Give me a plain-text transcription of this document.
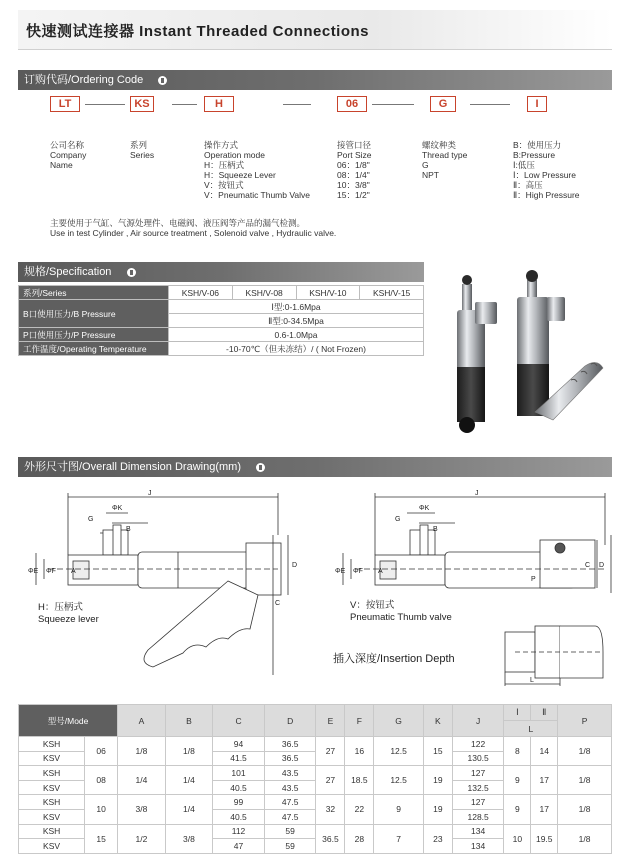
快速测试连接器 Instant Threaded Connections
订购代码/Ordering Code
LT	KS	H	06	G	I
公司名称
Company
Name
系列
Series
操作方式
Operation mode
H：压柄式
H：Squeeze Lever
V：按钮式
V：Pneumatic Thumb Valve
接管口径
Port Size
06：1/8"
08：1/4"
10：3/8"
15：1/2"
螺纹种类
Thread type
G
NPT
B：使用压力
B:Pressure
Ⅰ:低压
Ⅰ：Low Pressure
Ⅱ：高压
Ⅱ：High Pressure
主要使用于气缸、气源处理件、电磁阀、液压阀等产品的漏气检测。
Use in test Cylinder , Air source treatment , Solenoid valve , Hydraulic valve.
规格/Specification
系列/Series	KSH/V-06	KSH/V-08	KSH/V-10	KSH/V-15
B口使用压力/B Pressure	Ⅰ型:0-1.6Mpa			
	Ⅱ型:0-34.5Mpa			
P口使用压力/P Pressure	0.6-1.0Mpa			
工作温度/Operating Temperature	-10-70℃（但未冻结）/ ( Not Frozen)			
外形尺寸图/Overall Dimension Drawing(mm)
J
ΦK
G
B
ΦE ΦF
D
C
A
H：压柄式
Squeeze lever
J
ΦK
G
B
ΦE ΦF
P
D
C
A
V：按钮式
Pneumatic Thumb valve
插入深度/Insertion Depth
L
型号/Mode		A	B	C	D	E	F	G	K	J	Ⅰ	Ⅱ	P
											L		
KSH	06	1/8	1/8	94	36.5	27	16	12.5	15	122	8	14	1/8
KSV				41.5	36.5					130.5			
KSH	08	1/4	1/4	101	43.5	27	18.5	12.5	19	127	9	17	1/8
KSV				40.5	43.5					132.5			
KSH	10	3/8	1/4	99	47.5	32	22	9	19	127	9	17	1/8
KSV				40.5	47.5					128.5			
KSH	15	1/2	3/8	112	59	36.5	28	7	23	134	10	19.5	1/8
KSV				47	59					134			
